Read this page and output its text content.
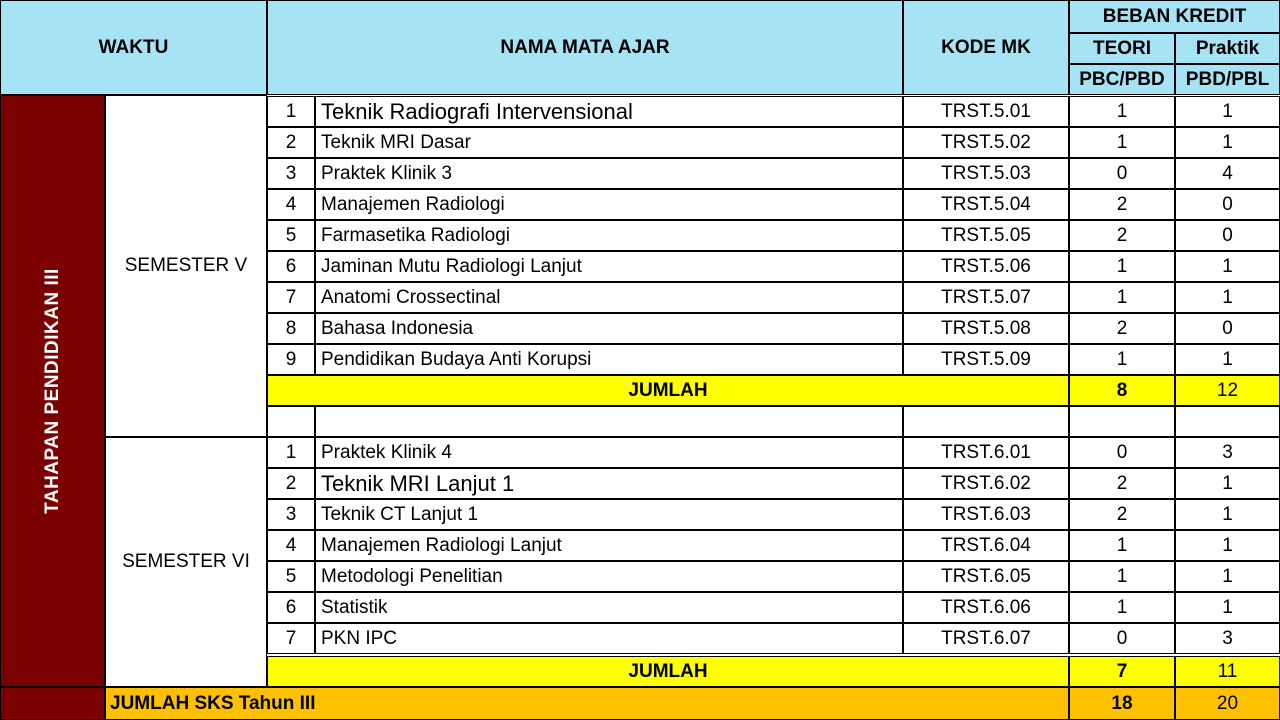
WAKTU	NAMA MATA AJAR	KODE MK
BEBAN KREDIT
TEORI	Praktik
PBC/PBD	PBD/PBL
TAHAPAN PENDIDIKAN III
SEMESTER V
SEMESTER VI
1	Teknik Radiografi Intervensional	TRST.5.01	1	1
2	Teknik MRI Dasar	TRST.5.02	1	1
3	Praktek Klinik 3	TRST.5.03	0	4
4	Manajemen Radiologi	TRST.5.04	2	0
5	Farmasetika Radiologi	TRST.5.05	2	0
6	Jaminan Mutu Radiologi Lanjut	TRST.5.06	1	1
7	Anatomi Crossectinal	TRST.5.07	1	1
8	Bahasa Indonesia	TRST.5.08	2	0
9	Pendidikan Budaya Anti Korupsi	TRST.5.09	1	1
JUMLAH	8	12
1	Praktek Klinik 4	TRST.6.01	0	3
2	Teknik MRI Lanjut 1	TRST.6.02	2	1
3	Teknik CT Lanjut 1	TRST.6.03	2	1
4	Manajemen Radiologi Lanjut	TRST.6.04	1	1
5	Metodologi Penelitian	TRST.6.05	1	1
6	Statistik	TRST.6.06	1	1
7	PKN IPC	TRST.6.07	0	3
JUMLAH	7	11
JUMLAH SKS Tahun III	18	20
